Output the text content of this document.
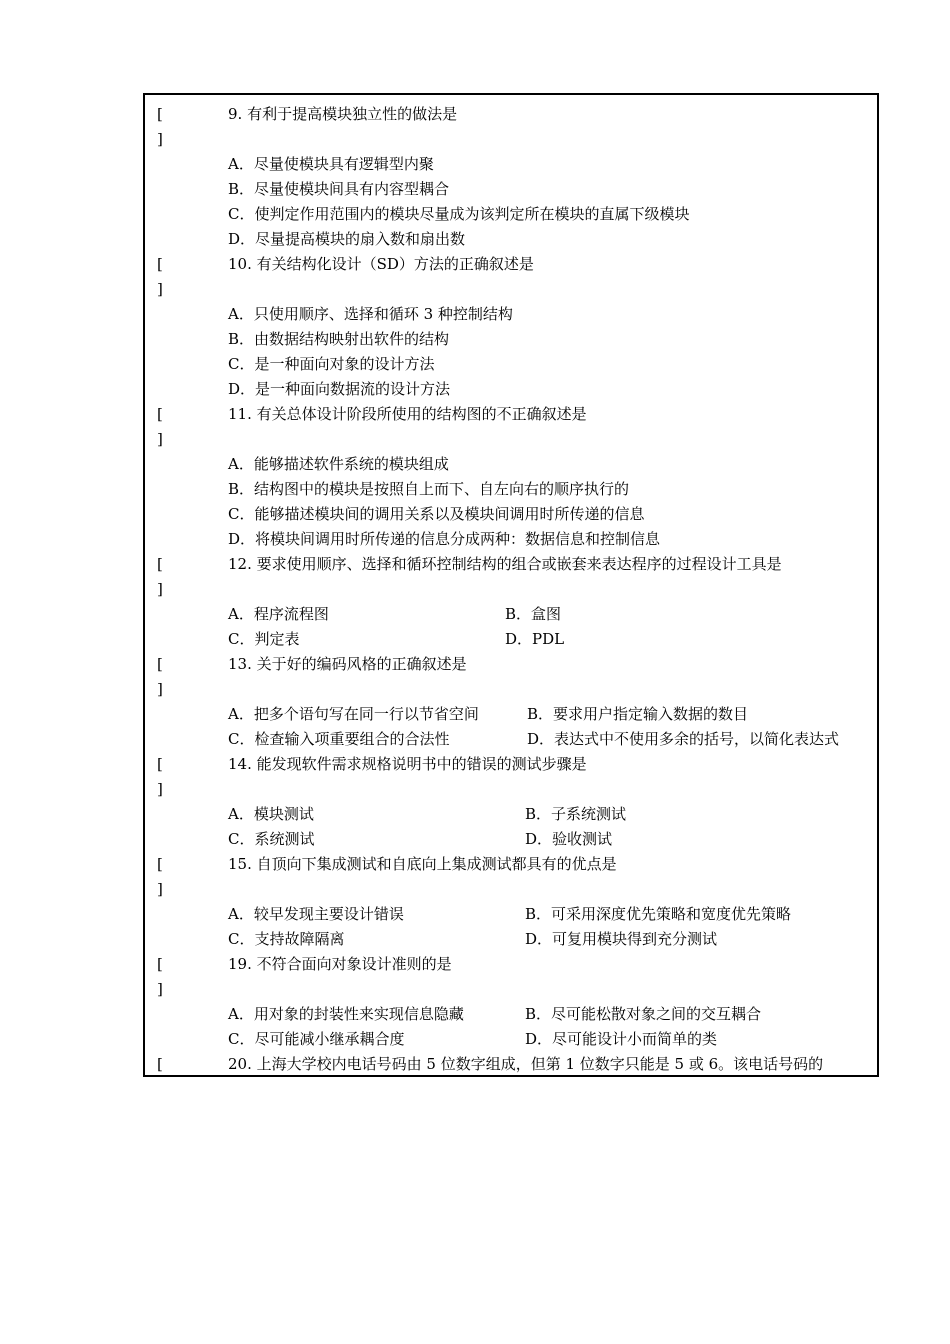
[	9. 有利于提高模块独立性的做法是
]
A．尽量使模块具有逻辑型内聚
B．尽量使模块间具有内容型耦合
C．使判定作用范围内的模块尽量成为该判定所在模块的直属下级模块
D．尽量提高模块的扇入数和扇出数
[	10. 有关结构化设计（SD）方法的正确叙述是
]
A．只使用顺序、选择和循环 3 种控制结构
B．由数据结构映射出软件的结构
C．是一种面向对象的设计方法
D．是一种面向数据流的设计方法
[	11. 有关总体设计阶段所使用的结构图的不正确叙述是
]
A．能够描述软件系统的模块组成
B．结构图中的模块是按照自上而下、自左向右的顺序执行的
C．能够描述模块间的调用关系以及模块间调用时所传递的信息
D．将模块间调用时所传递的信息分成两种：数据信息和控制信息
[	12. 要求使用顺序、选择和循环控制结构的组合或嵌套来表达程序的过程设计工具是
]
A．程序流程图	B．盒图
C．判定表	D．PDL
[	13. 关于好的编码风格的正确叙述是
]
A．把多个语句写在同一行以节省空间	B．要求用户指定输入数据的数目
C．检查输入项重要组合的合法性	D．表达式中不使用多余的括号，以简化表达式
[	14. 能发现软件需求规格说明书中的错误的测试步骤是
]
A．模块测试	B．子系统测试
C．系统测试	D．验收测试
[	15. 自顶向下集成测试和自底向上集成测试都具有的优点是
]
A．较早发现主要设计错误	B．可采用深度优先策略和宽度优先策略
C．支持故障隔离	D．可复用模块得到充分测试
[	19. 不符合面向对象设计准则的是
]
A．用对象的封装性来实现信息隐藏	B．尽可能松散对象之间的交互耦合
C．尽可能减小继承耦合度	D．尽可能设计小而简单的类
[	20. 上海大学校内电话号码由 5 位数字组成，但第 1 位数字只能是 5 或 6。该电话号码的
